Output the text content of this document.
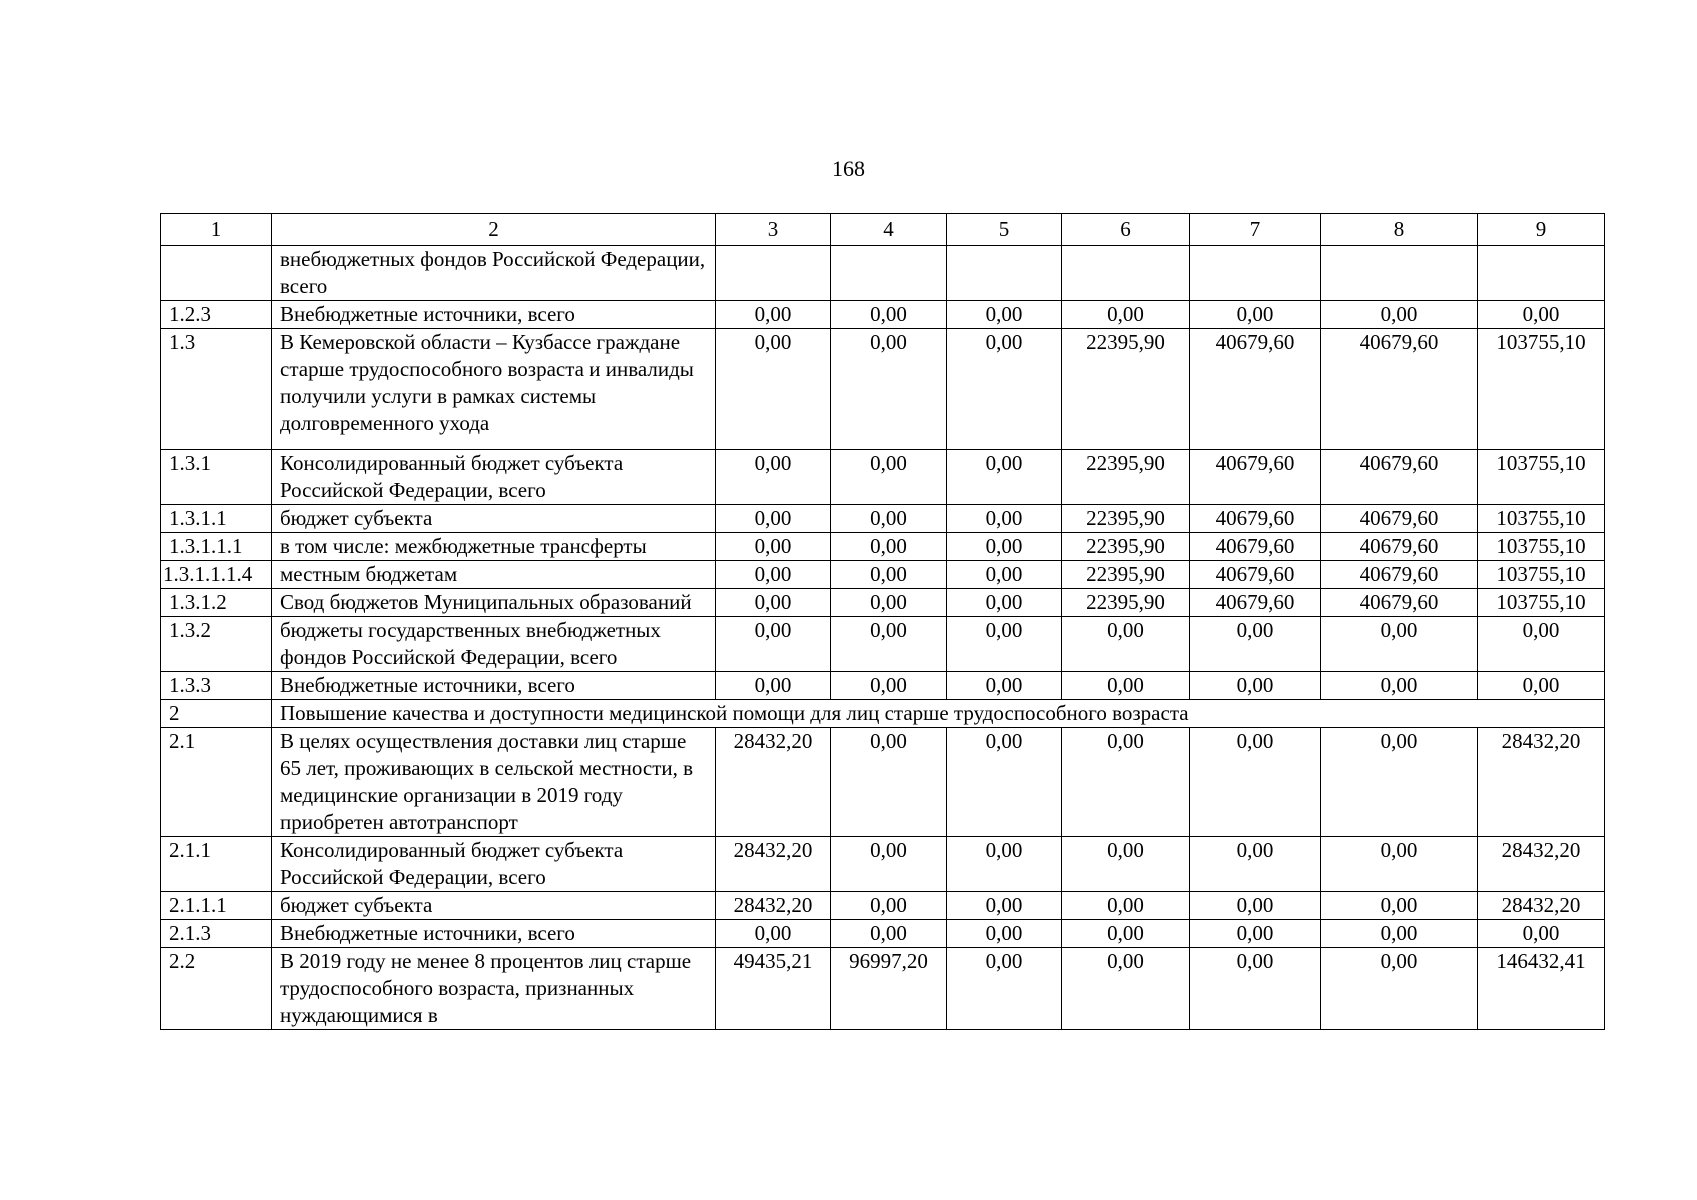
168
1	2	3	4	5	6	7	8	9
	внебюджетных фондов Российской Федерации, всего							
1.2.3	Внебюджетные источники, всего	0,00	0,00	0,00	0,00	0,00	0,00	0,00
1.3	В Кемеровской области – Кузбассе граждане старше трудоспособного возраста и инвалиды получили услуги в рамках системы долговременного ухода	0,00	0,00	0,00	22395,90	40679,60	40679,60	103755,10
1.3.1	Консолидированный бюджет субъекта Российской Федерации, всего	0,00	0,00	0,00	22395,90	40679,60	40679,60	103755,10
1.3.1.1	бюджет субъекта	0,00	0,00	0,00	22395,90	40679,60	40679,60	103755,10
1.3.1.1.1	в том числе: межбюджетные трансферты	0,00	0,00	0,00	22395,90	40679,60	40679,60	103755,10
1.3.1.1.1.4	местным бюджетам	0,00	0,00	0,00	22395,90	40679,60	40679,60	103755,10
1.3.1.2	Свод бюджетов Муниципальных образований	0,00	0,00	0,00	22395,90	40679,60	40679,60	103755,10
1.3.2	бюджеты государственных внебюджетных фондов Российской Федерации, всего	0,00	0,00	0,00	0,00	0,00	0,00	0,00
1.3.3	Внебюджетные источники, всего	0,00	0,00	0,00	0,00	0,00	0,00	0,00
2	Повышение качества и доступности медицинской помощи для лиц старше трудоспособного возраста							
2.1	В целях осуществления доставки лиц старше 65 лет, проживающих в сельской местности, в медицинские организации в 2019 году приобретен автотранспорт	28432,20	0,00	0,00	0,00	0,00	0,00	28432,20
2.1.1	Консолидированный бюджет субъекта Российской Федерации, всего	28432,20	0,00	0,00	0,00	0,00	0,00	28432,20
2.1.1.1	бюджет субъекта	28432,20	0,00	0,00	0,00	0,00	0,00	28432,20
2.1.3	Внебюджетные источники, всего	0,00	0,00	0,00	0,00	0,00	0,00	0,00
2.2	В 2019 году не менее 8 процентов лиц старше трудоспособного возраста, признанных нуждающимися в	49435,21	96997,20	0,00	0,00	0,00	0,00	146432,41
